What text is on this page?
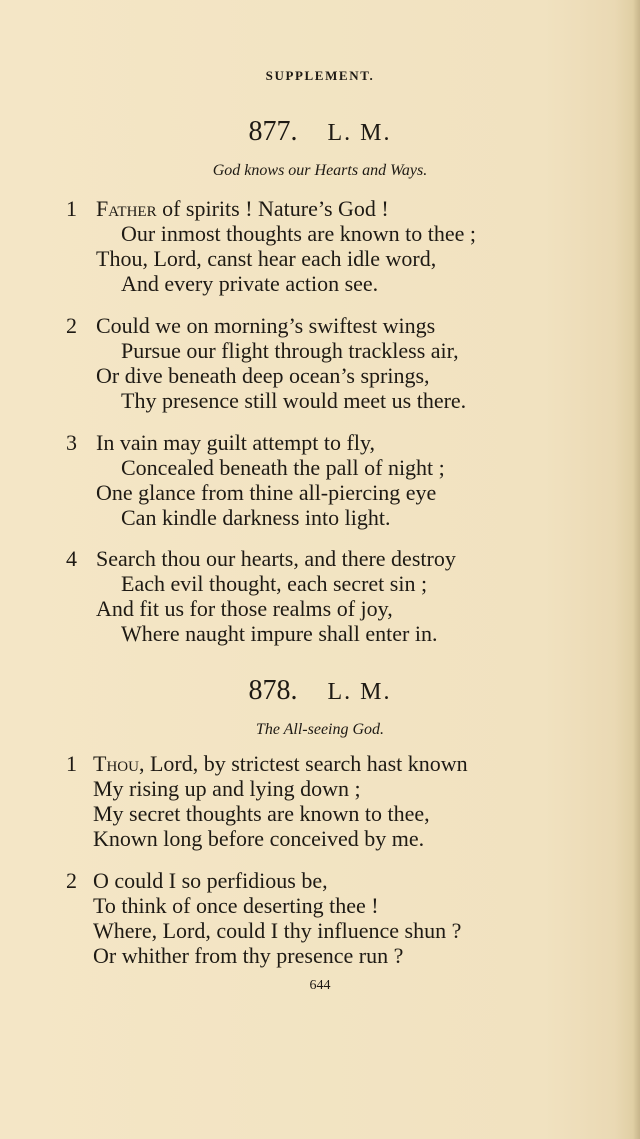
SUPPLEMENT.
877. L. M.
God knows our Hearts and Ways.
1 Father of spirits ! Nature’s God !
Our inmost thoughts are known to thee ;
Thou, Lord, canst hear each idle word,
And every private action see.
2 Could we on morning’s swiftest wings
Pursue our flight through trackless air,
Or dive beneath deep ocean’s springs,
Thy presence still would meet us there.
3 In vain may guilt attempt to fly,
Concealed beneath the pall of night ;
One glance from thine all-piercing eye
Can kindle darkness into light.
4 Search thou our hearts, and there destroy
Each evil thought, each secret sin ;
And fit us for those realms of joy,
Where naught impure shall enter in.
878. L. M.
The All-seeing God.
1 Thou, Lord, by strictest search hast known
My rising up and lying down ;
My secret thoughts are known to thee,
Known long before conceived by me.
2 O could I so perfidious be,
To think of once deserting thee !
Where, Lord, could I thy influence shun ?
Or whither from thy presence run ?
644
